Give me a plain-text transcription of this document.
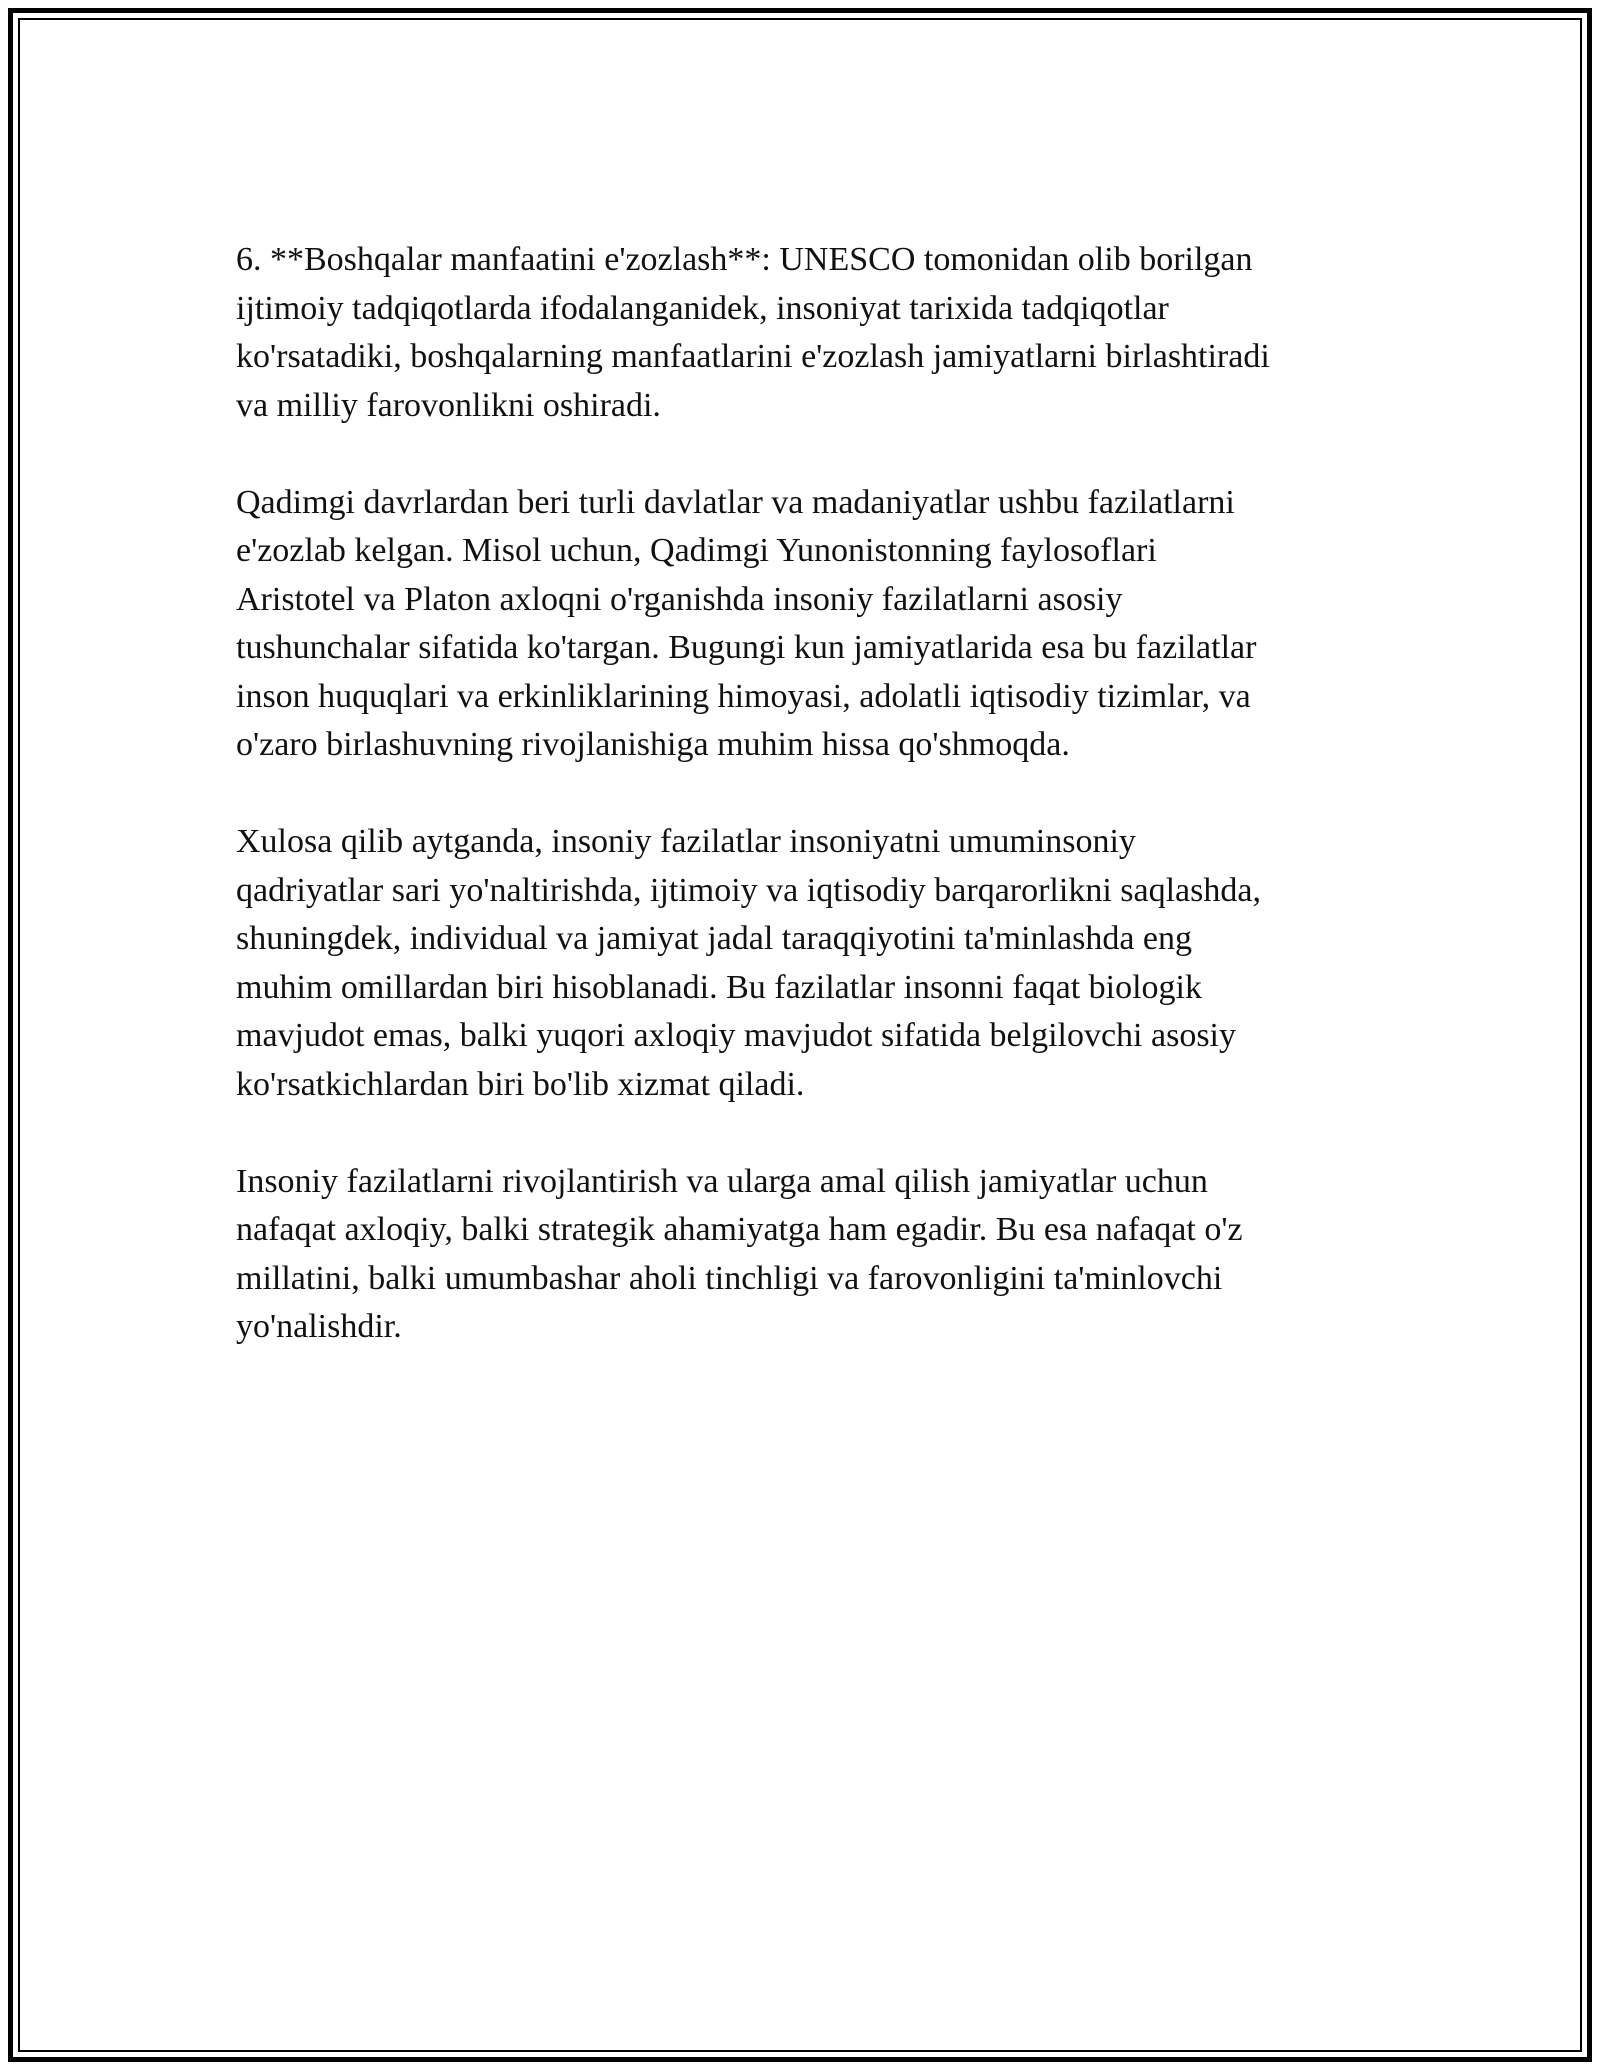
6. **Boshqalar manfaatini e'zozlash**: UNESCO tomonidan olib borilgan
ijtimoiy tadqiqotlarda ifodalanganidek, insoniyat tarixida tadqiqotlar
ko'rsatadiki, boshqalarning manfaatlarini e'zozlash jamiyatlarni birlashtiradi
va milliy farovonlikni oshiradi.

Qadimgi davrlardan beri turli davlatlar va madaniyatlar ushbu fazilatlarni
e'zozlab kelgan. Misol uchun, Qadimgi Yunonistonning faylosoflari
Aristotel va Platon axloqni o'rganishda insoniy fazilatlarni asosiy
tushunchalar sifatida ko'targan. Bugungi kun jamiyatlarida esa bu fazilatlar
inson huquqlari va erkinliklarining himoyasi, adolatli iqtisodiy tizimlar, va
o'zaro birlashuvning rivojlanishiga muhim hissa qo'shmoqda.

Xulosa qilib aytganda, insoniy fazilatlar insoniyatni umuminsoniy
qadriyatlar sari yo'naltirishda, ijtimoiy va iqtisodiy barqarorlikni saqlashda,
shuningdek, individual va jamiyat jadal taraqqiyotini ta'minlashda eng
muhim omillardan biri hisoblanadi. Bu fazilatlar insonni faqat biologik
mavjudot emas, balki yuqori axloqiy mavjudot sifatida belgilovchi asosiy
ko'rsatkichlardan biri bo'lib xizmat qiladi.

Insoniy fazilatlarni rivojlantirish va ularga amal qilish jamiyatlar uchun
nafaqat axloqiy, balki strategik ahamiyatga ham egadir. Bu esa nafaqat o'z
millatini, balki umumbashar aholi tinchligi va farovonligini ta'minlovchi
yo'nalishdir.
